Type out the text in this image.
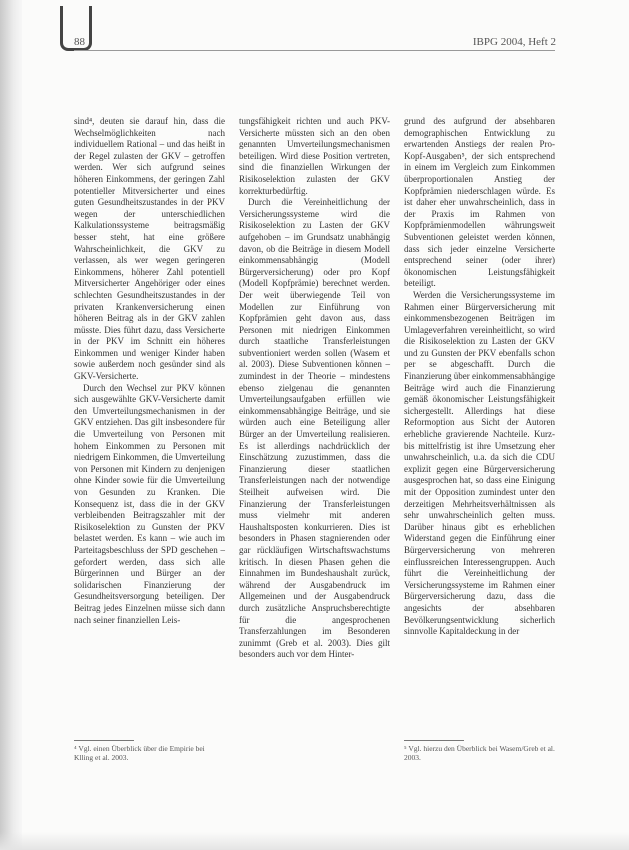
88	IBPG 2004, Heft 2

sind⁴, deuten sie darauf hin, dass die Wechselmöglichkeiten nach individuellem Rational – und das heißt in der Regel zulasten der GKV – getroffen werden. Wer sich aufgrund seines höheren Einkommens, der geringen Zahl potentieller Mitversicherter und eines guten Gesundheitszustandes in der PKV wegen der unterschiedlichen Kalkulationssysteme beitragsmäßig besser steht, hat eine größere Wahrscheinlichkeit, die GKV zu verlassen, als wer wegen geringeren Einkommens, höherer Zahl potentiell Mitversicherter Angehöriger oder eines schlechten Gesundheitszustandes in der privaten Krankenversicherung einen höheren Beitrag als in der GKV zahlen müsste. Dies führt dazu, dass Versicherte in der PKV im Schnitt ein höheres Einkommen und weniger Kinder haben sowie außerdem noch gesünder sind als GKV-Versicherte.

Durch den Wechsel zur PKV können sich ausgewählte GKV-Versicherte damit den Umverteilungsmechanismen in der GKV entziehen. Das gilt insbesondere für die Umverteilung von Personen mit hohem Einkommen zu Personen mit niedrigem Einkommen, die Umverteilung von Personen mit Kindern zu denjenigen ohne Kinder sowie für die Umverteilung von Gesunden zu Kranken. Die Konsequenz ist, dass die in der GKV verbleibenden Beitragszahler mit der Risikoselektion zu Gunsten der PKV belastet werden. Es kann – wie auch im Parteitagsbeschluss der SPD geschehen – gefordert werden, dass sich alle Bürgerinnen und Bürger an der solidarischen Finanzierung der Gesundheitsversorgung beteiligen. Der Beitrag jedes Einzelnen müsse sich dann nach seiner finanziellen Leis-

tungsfähigkeit richten und auch PKV-Versicherte müssten sich an den oben genannten Umverteilungsmechanismen beteiligen. Wird diese Position vertreten, sind die finanziellen Wirkungen der Risikoselektion zulasten der GKV korrekturbedürftig.

Durch die Vereinheitlichung der Versicherungssysteme wird die Risikoselektion zu Lasten der GKV aufgehoben – im Grundsatz unabhängig davon, ob die Beiträge in diesem Modell einkommensabhängig (Modell Bürgerversicherung) oder pro Kopf (Modell Kopfprämie) berechnet werden. Der weit überwiegende Teil von Modellen zur Einführung von Kopfprämien geht davon aus, dass Personen mit niedrigen Einkommen durch staatliche Transferleistungen subventioniert werden sollen (Wasem et al. 2003). Diese Subventionen können – zumindest in der Theorie – mindestens ebenso zielgenau die genannten Umverteilungsaufgaben erfüllen wie einkommensabhängige Beiträge, und sie würden auch eine Beteiligung aller Bürger an der Umverteilung realisieren. Es ist allerdings nachdrücklich der Einschätzung zuzustimmen, dass die Finanzierung dieser staatlichen Transferleistungen nach der notwendige Steilheit aufweisen wird. Die Finanzierung der Transferleistungen muss vielmehr mit anderen Haushaltsposten konkurrieren. Dies ist besonders in Phasen stagnierenden oder gar rückläufigen Wirtschaftswachstums kritisch. In diesen Phasen gehen die Einnahmen im Bundeshaushalt zurück, während der Ausgabendruck im Allgemeinen und der Ausgabendruck durch zusätzliche Anspruchsberechtigte für die angesprochenen Transferzahlungen im Besonderen zunimmt (Greb et al. 2003). Dies gilt besonders auch vor dem Hinter-

grund des aufgrund der absehbaren demographischen Entwicklung zu erwartenden Anstiegs der realen Pro-Kopf-Ausgaben⁵, der sich entsprechend in einem im Vergleich zum Einkommen überproportionalen Anstieg der Kopfprämien niederschlagen würde. Es ist daher eher unwahrscheinlich, dass in der Praxis im Rahmen von Kopfprämienmodellen währungsweit Subventionen geleistet werden können, dass sich jeder einzelne Versicherte entsprechend seiner (oder ihrer) ökonomischen Leistungsfähigkeit beteiligt.

Werden die Versicherungssysteme im Rahmen einer Bürgerversicherung mit einkommensbezogenen Beiträgen im Umlageverfahren vereinheitlicht, so wird die Risikoselektion zu Lasten der GKV und zu Gunsten der PKV ebenfalls schon per se abgeschafft. Durch die Finanzierung über einkommensabhängige Beiträge wird auch die Finanzierung gemäß ökonomischer Leistungsfähigkeit sichergestellt. Allerdings hat diese Reformoption aus Sicht der Autoren erhebliche gravierende Nachteile. Kurz- bis mittelfristig ist ihre Umsetzung eher unwahrscheinlich, u.a. da sich die CDU explizit gegen eine Bürgerversicherung ausgesprochen hat, so dass eine Einigung mit der Opposition zumindest unter den derzeitigen Mehrheitsverhältnissen als sehr unwahrscheinlich gelten muss. Darüber hinaus gibt es erheblichen Widerstand gegen die Einführung einer Bürgerversicherung von mehreren einflussreichen Interessengruppen. Auch führt die Vereinheitlichung der Versicherungssysteme im Rahmen einer Bürgerversicherung dazu, dass die angesichts der absehbaren Bevölkerungsentwicklung sicherlich sinnvolle Kapitaldeckung in der

⁴ Vgl. einen Überblick über die Empirie bei Klling et al. 2003.
⁵ Vgl. hierzu den Überblick bei Wasem/Greb et al. 2003.
